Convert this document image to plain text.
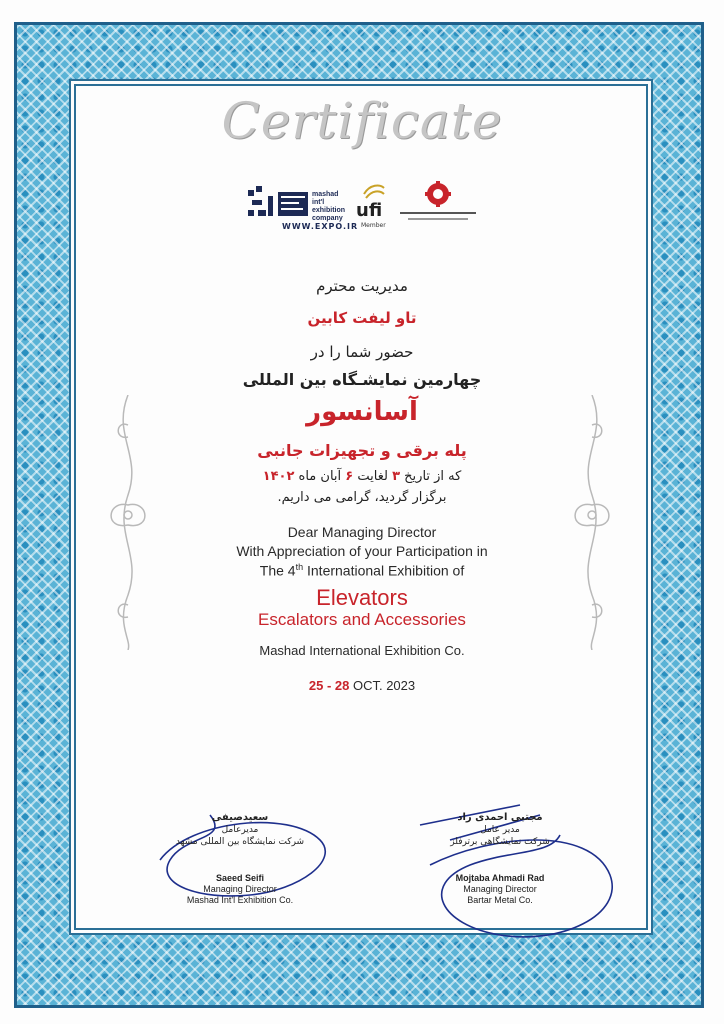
Certificate
mashad
int'l
exhibition
company
WWW.EXPO.IR
ufi
Member
مدیریت محترم
تاو لیفت کابین
حضور شما را در
چهارمین نمایشـگاه بین المللی
آسانسور
پله برقی و تجهیزات جانبی
که از تاریخ ۳ لغایت ۶ آبان ماه ۱۴۰۲
برگزار گردید، گرامی می داریم.
Dear Managing Director
With Appreciation of your Participation in
The 4th International Exhibition of
Elevators
Escalators and Accessories
Mashad International Exhibition Co.
25 - 28 OCT. 2023
سعیدصیفی
مدیرعامل
شرکت نمایشگاه بین المللی مشهد
مجتبی احمدی راد
مدیر عامل
شرکت نمایشگاهی برترفلز
Saeed Seifi
Managing Director
Mashad Int'l Exhibition Co.
Mojtaba Ahmadi Rad
Managing Director
Bartar Metal Co.
